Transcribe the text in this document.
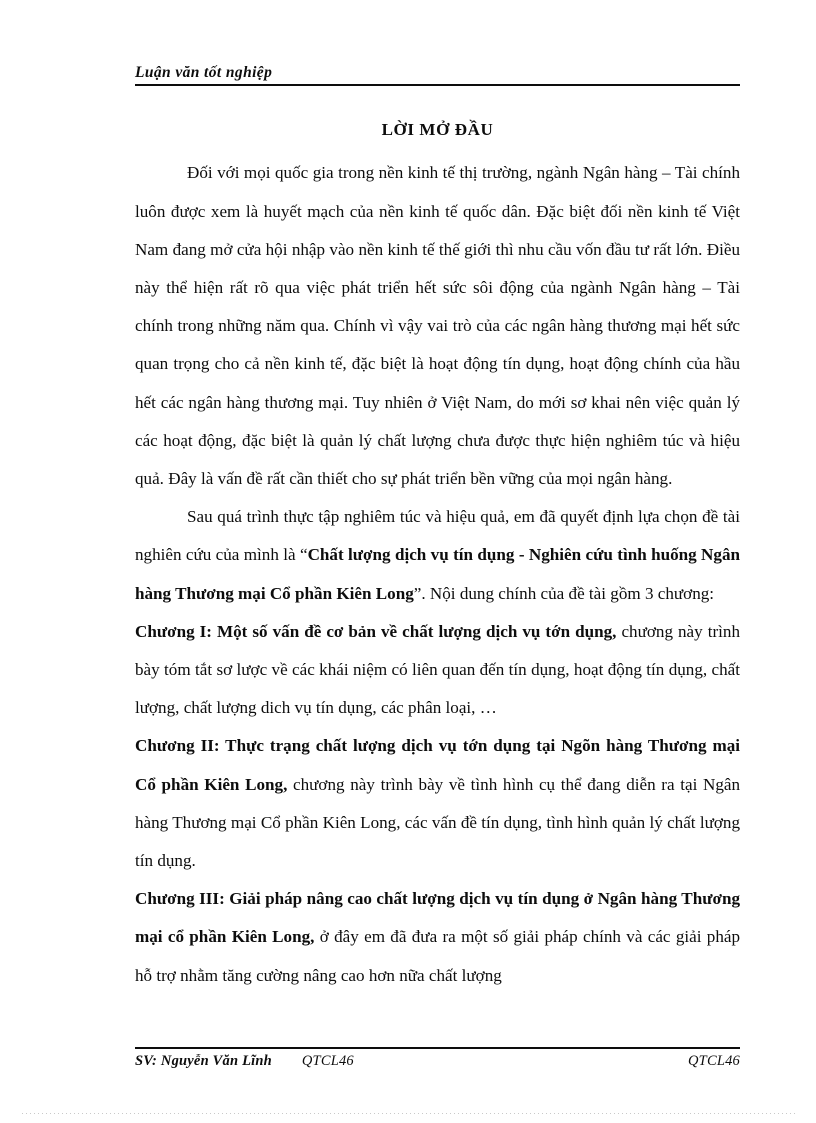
Luận văn tốt nghiệp
LỜI MỞ ĐẦU

Đối với mọi quốc gia trong nền kinh tế thị trường, ngành Ngân hàng – Tài chính luôn được xem là huyết mạch của nền kinh tế quốc dân. Đặc biệt đối nền kinh tế Việt Nam đang mở cửa hội nhập vào nền kinh tế thế giới thì nhu cầu vốn đầu tư rất lớn. Điều này thể hiện rất rõ qua việc phát triển hết sức sôi động của ngành Ngân hàng – Tài chính trong những năm qua. Chính vì vậy vai trò của các ngân hàng thương mại hết sức quan trọng cho cả nền kinh tế, đặc biệt là hoạt động tín dụng, hoạt động chính của hầu hết các ngân hàng thương mại. Tuy nhiên ở Việt Nam, do mới sơ khai nên việc quản lý các hoạt động, đặc biệt là quản lý chất lượng chưa được thực hiện nghiêm túc và hiệu quả. Đây là vấn đề rất cần thiết cho sự phát triển bền vững của mọi ngân hàng.

Sau quá trình thực tập nghiêm túc và hiệu quả, em đã quyết định lựa chọn đề tài nghiên cứu của mình là “Chất lượng dịch vụ tín dụng - Nghiên cứu tình huống Ngân hàng Thương mại Cổ phần Kiên Long”. Nội dung chính của đề tài gồm 3 chương:

Chương I: Một số vấn đề cơ bản về chất lượng dịch vụ tớn dụng, chương này trình bày tóm tắt sơ lược về các khái niệm có liên quan đến tín dụng, hoạt động tín dụng, chất lượng, chất lượng dich vụ tín dụng, các phân loại, …

Chương II: Thực trạng chất lượng dịch vụ tớn dụng tại Ngõn hàng Thương mại Cổ phần Kiên Long, chương này trình bày về tình hình cụ thể đang diễn ra tại Ngân hàng Thương mại Cổ phần Kiên Long, các vấn đề tín dụng, tình hình quản lý chất lượng tín dụng.

Chương III: Giải pháp nâng cao chất lượng dịch vụ tín dụng ở Ngân hàng Thương mại cổ phần Kiên Long, ở đây em đã đưa ra một số giải pháp chính và các giải pháp hỗ trợ nhằm tăng cường nâng cao hơn nữa chất lượng

SV: Nguyễn Văn Lĩnh QTCL46	QTCL46
